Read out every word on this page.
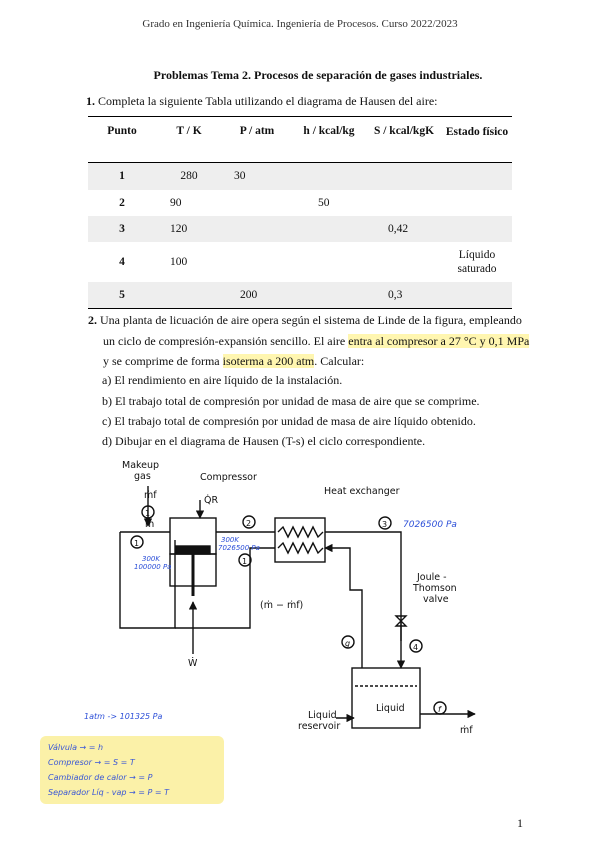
Grado en Ingeniería Química. Ingeniería de Procesos. Curso 2022/2023
Problemas Tema 2. Procesos de separación de gases industriales.
1. Completa la siguiente Tabla utilizando el diagrama de Hausen del aire:
Punto	T / K	P / atm	h / kcal/kg	S / kcal/kgK	Estado físico
1	280	30			
2	90		50		
3	120			0,42	
4	100				Líquido saturado
5		200		0,3	
2. Una planta de licuación de aire opera según el sistema de Linde de la figura, empleando
un ciclo de compresión-expansión sencillo. El aire entra al compresor a 27 °C y 0,1 MPa
y se comprime de forma isoterma a 200 atm. Calcular:
a) El rendimiento en aire líquido de la instalación.
b) El trabajo total de compresión por unidad de masa de aire que se comprime.
c) El trabajo total de compresión por unidad de masa de aire líquido obtenido.
d) Dibujar en el diagrama de Hausen (T-s) el ciclo correspondiente.
Makeup
gas
ṁf
ṁ
Compressor
Q̇R
Heat exchanger
Joule -
Thomson
valve
(ṁ − ṁf)
Ẇ
Liquid
Liquid
reservoir	ṁf
1
1
2	3
1
4
g
f
7026500 Pa
300K
7026500 Pa
300K
100000 Pa
1atm -> 101325 Pa
Válvula → = h
Compresor → = S = T
Cambiador de calor → = P
Separador Líq - vap → = P = T
1
